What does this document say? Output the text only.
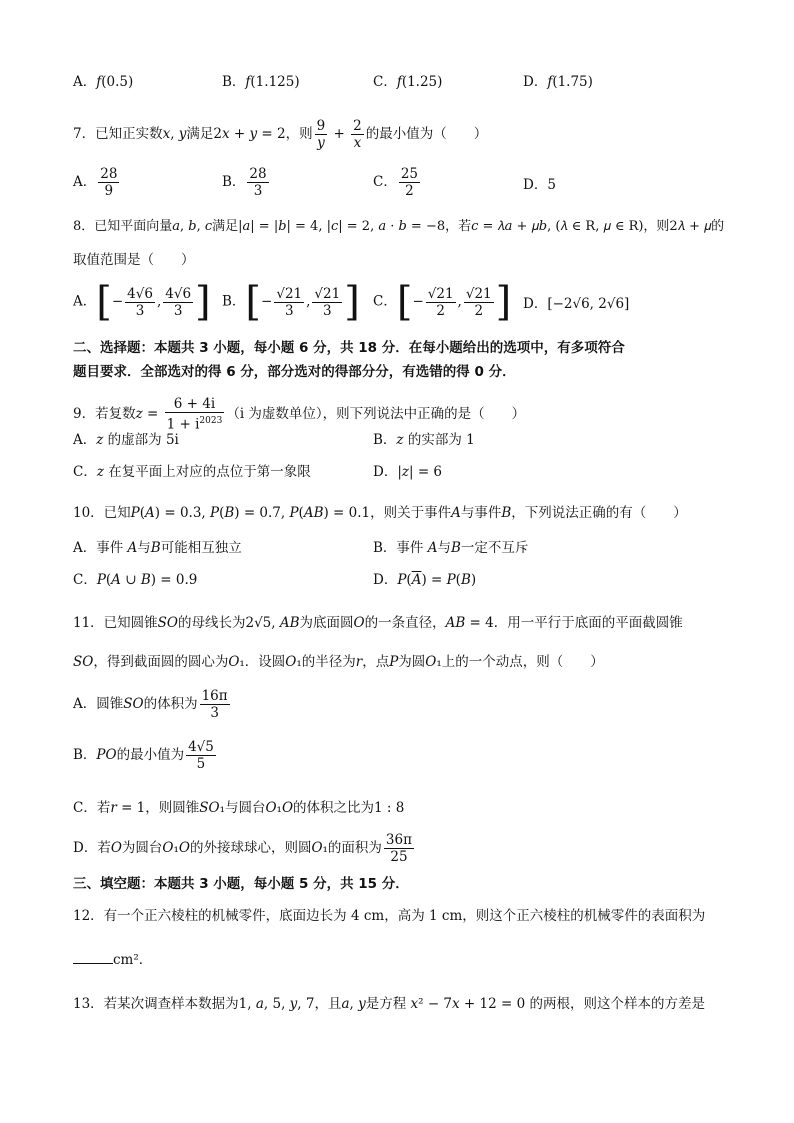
A．𝑓(0.5)	B．𝑓(1.125)	C．𝑓(1.25)	D．𝑓(1.75)
7．已知正实数𝑥, 𝑦满足2𝑥 + 𝑦 = 2，则 $\frac{9}{\text{𝑦}} + \frac{2}{\text{𝑥}}$ 的最小值为（　　）
A． $\frac{28}{9}$	B． $\frac{28}{3}$	C． $\frac{25}{2}$	D．5
8．已知平面向量𝑎, 𝑏, 𝑐满足|𝑎| = |𝑏| = 4, |𝑐| = 2, 𝑎 · 𝑏 = −8，若𝑐 = 𝜆𝑎 + 𝜇𝑏, (𝜆 ∈ R, 𝜇 ∈ R)，则2𝜆 + 𝜇的
取值范围是（　　）
A．[− $\frac{4√6}{3}$ , $\frac{4√6}{3}$ ] B．[− $\frac{√21}{3}$ , $\frac{√21}{3}$ ] C．[− $\frac{√21}{2}$ , $\frac{√21}{2}$ ] D．[−2√6, 2√6]
二、选择题：本题共 3 小题，每小题 6 分，共 18 分．在每小题给出的选项中，有多项符合
题目要求．全部选对的得 6 分，部分选对的得部分分，有选错的得 0 分．
9．若复数𝑧 = $\frac{6 + 4i}{1 + i^{2023}} (i$ 为虚数单位），则下列说法中正确的是（　　）
A．𝑧 的虚部为 5i	B．𝑧 的实部为 1
C．𝑧 在复平面上对应的点位于第一象限	D．|𝑧| = 6
10．已知𝑃(𝐴) = 0.3, 𝑃(𝐵) = 0.7, 𝑃(𝐴𝐵) = 0.1，则关于事件𝐴与事件𝐵，下列说法正确的有（　　）
A．事件 𝐴与𝐵可能相互独立	B．事件 𝐴与𝐵一定不互斥
C．𝑃(𝐴 ∪ 𝐵) = 0.9	D．𝑃(𝐴) = 𝑃(𝐵)
11．已知圆锥𝑆𝑂的母线长为2√5, 𝐴𝐵为底面圆𝑂的一条直径，𝐴𝐵 = 4．用一平行于底面的平面截圆锥
𝑆𝑂，得到截面圆的圆心为𝑂₁．设圆𝑂₁的半径为𝑟，点𝑃为圆𝑂₁上的一个动点，则（　　）
A．圆锥𝑆𝑂的体积为 $\frac{16\pi}{3}$
B．𝑃𝑂的最小值为 $\frac{4√5}{5}$
C．若𝑟 = 1，则圆锥𝑆𝑂₁与圆台𝑂₁𝑂的体积之比为1 : 8
D．若𝑂为圆台𝑂₁𝑂的外接球球心，则圆𝑂₁的面积为 $\frac{36\pi}{25}$
三、填空题：本题共 3 小题，每小题 5 分，共 15 分．
12．有一个正六棱柱的机械零件，底面边长为 4 cm，高为 1 cm，则这个正六棱柱的机械零件的表面积为
cm²．
13．若某次调查样本数据为1, 𝑎, 5, 𝑦, 7，且𝑎, 𝑦是方程 𝑥² − 7𝑥 + 12 = 0 的两根，则这个样本的方差是
